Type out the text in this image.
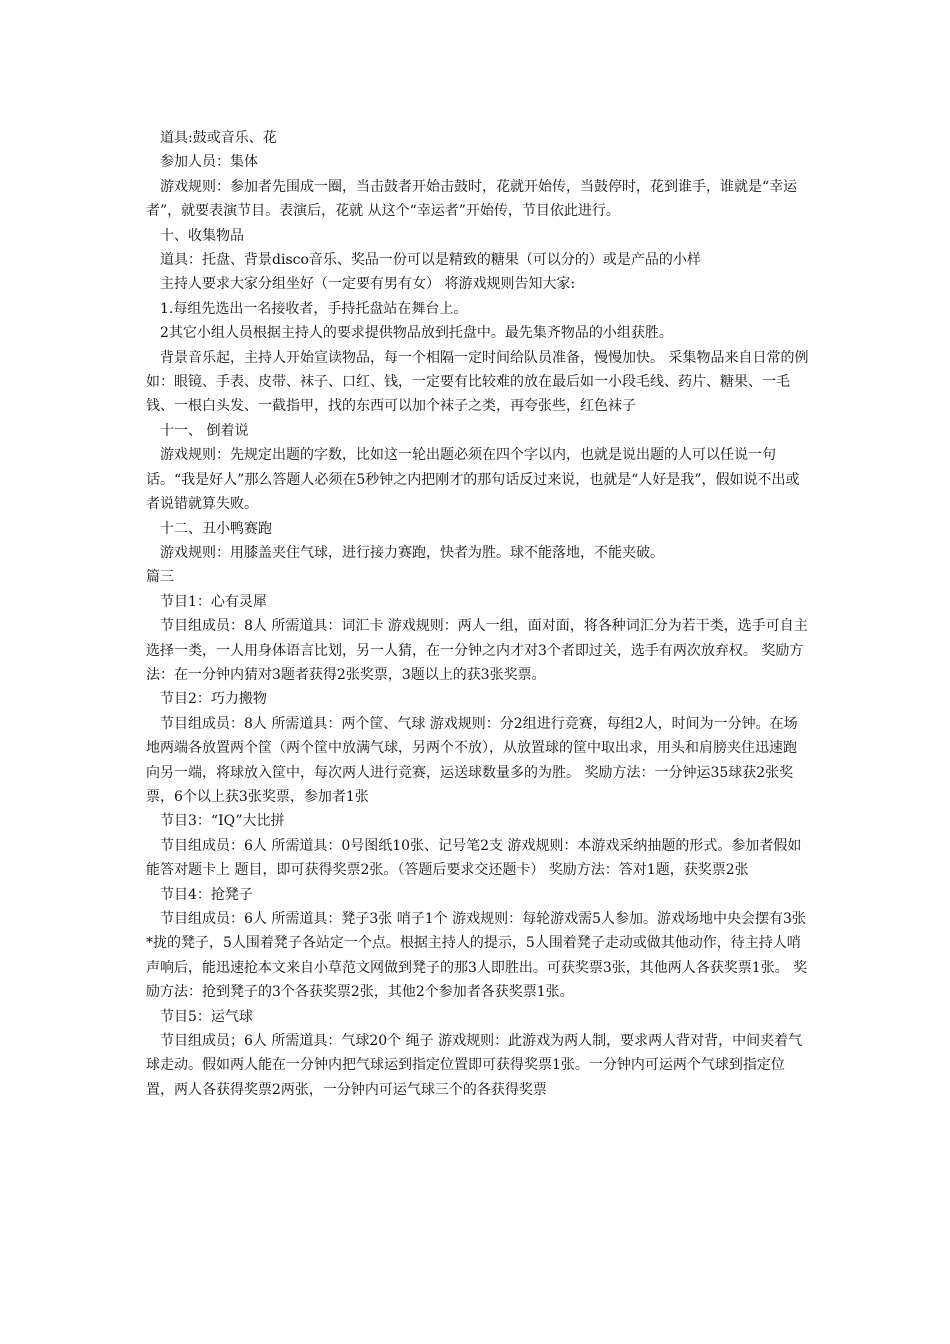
道具:鼓或音乐、花

参加人员：集体

游戏规则：参加者先围成一圈，当击鼓者开始击鼓时，花就开始传，当鼓停时，花到谁手，谁就是“幸运者”，就要表演节目。表演后，花就 从这个“幸运者”开始传，节目依此进行。

十、收集物品

道具：托盘、背景disco音乐、奖品一份可以是精致的糖果（可以分的）或是产品的小样

主持人要求大家分组坐好（一定要有男有女） 将游戏规则告知大家:

1.每组先选出一名接收者，手持托盘站在舞台上。

2其它小组人员根据主持人的要求提供物品放到托盘中。最先集齐物品的小组获胜。

背景音乐起，主持人开始宣读物品，每一个相隔一定时间给队员准备，慢慢加快。 采集物品来自日常的例如：眼镜、手表、皮带、袜子、口红、钱，一定要有比较难的放在最后如一小段毛线、药片、糖果、一毛钱、一根白头发、一截指甲，找的东西可以加个袜子之类，再夸张些，红色袜子

十一、 倒着说

游戏规则：先规定出题的字数，比如这一轮出题必须在四个字以内，也就是说出题的人可以任说一句话。“我是好人”那么答题人必须在5秒钟之内把刚才的那句话反过来说，也就是“人好是我”，假如说不出或者说错就算失败。

十二、丑小鸭赛跑

游戏规则：用膝盖夹住气球，进行接力赛跑，快者为胜。球不能落地，不能夹破。

篇三

节目1：心有灵犀

节目组成员：8人 所需道具：词汇卡 游戏规则：两人一组，面对面，将各种词汇分为若干类，选手可自主选择一类，一人用身体语言比划，另一人猜，在一分钟之内才对3个者即过关，选手有两次放弃权。 奖励方法：在一分钟内猜对3题者获得2张奖票，3题以上的获3张奖票。

节目2：巧力搬物

节目组成员：8人 所需道具：两个筐、气球 游戏规则：分2组进行竞赛，每组2人，时间为一分钟。在场地两端各放置两个筐（两个筐中放满气球，另两个不放），从放置球的筐中取出求，用头和肩膀夹住迅速跑向另一端，将球放入筐中，每次两人进行竞赛，运送球数量多的为胜。 奖励方法：一分钟运35球获2张奖票，6个以上获3张奖票，参加者1张

节目3：“IQ”大比拼

节目组成员：6人 所需道具：0号图纸10张、记号笔2支 游戏规则：本游戏采纳抽题的形式。参加者假如能答对题卡上 题目，即可获得奖票2张。（答题后要求交还题卡） 奖励方法：答对1题，获奖票2张

节目4：抢凳子

节目组成员：6人 所需道具：凳子3张 哨子1个 游戏规则：每轮游戏需5人参加。游戏场地中央会摆有3张*拢的凳子，5人围着凳子各站定一个点。根据主持人的提示，5人围着凳子走动或做其他动作，待主持人哨声响后，能迅速抢本文来自小草范文网做到凳子的那3人即胜出。可获奖票3张，其他两人各获奖票1张。 奖励方法：抢到凳子的3个各获奖票2张，其他2个参加者各获奖票1张。

节目5：运气球

节目组成员；6人 所需道具：气球20个 绳子 游戏规则：此游戏为两人制，要求两人背对背，中间夹着气球走动。假如两人能在一分钟内把气球运到指定位置即可获得奖票1张。一分钟内可运两个气球到指定位置，两人各获得奖票2两张，一分钟内可运气球三个的各获得奖票
